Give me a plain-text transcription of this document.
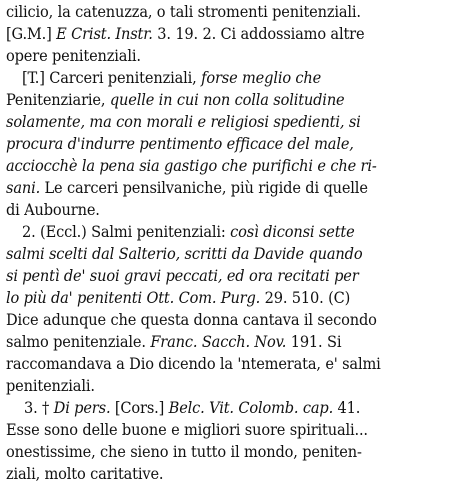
cilicio, la catenuzza, o tali stromenti penitenziali.
[G.M.] E Crist. Instr. 3. 19. 2. Ci addossiamo altre
opere penitenziali.
[T.] Carceri penitenziali, forse meglio che
Penitenziarie, quelle in cui non colla solitudine
solamente, ma con morali e religiosi spedienti, si
procura d'indurre pentimento efficace del male,
acciocchè la pena sia gastigo che purifichi e che ri-
sani. Le carceri pensilvaniche, più rigide di quelle
di Aubourne.
2. (Eccl.) Salmi penitenziali: così diconsi sette
salmi scelti dal Salterio, scritti da Davide quando
si pentì de' suoi gravi peccati, ed ora recitati per
lo più da' penitenti Ott. Com. Purg. 29. 510. (C)
Dice adunque che questa donna cantava il secondo
salmo penitenziale. Franc. Sacch. Nov. 191. Si
raccomandava a Dio dicendo la 'ntemerata, e' salmi
penitenziali.
3. † Di pers. [Cors.] Belc. Vit. Colomb. cap. 41.
Esse sono delle buone e migliori suore spirituali...
onestissime, che sieno in tutto il mondo, peniten-
ziali, molto caritative.
